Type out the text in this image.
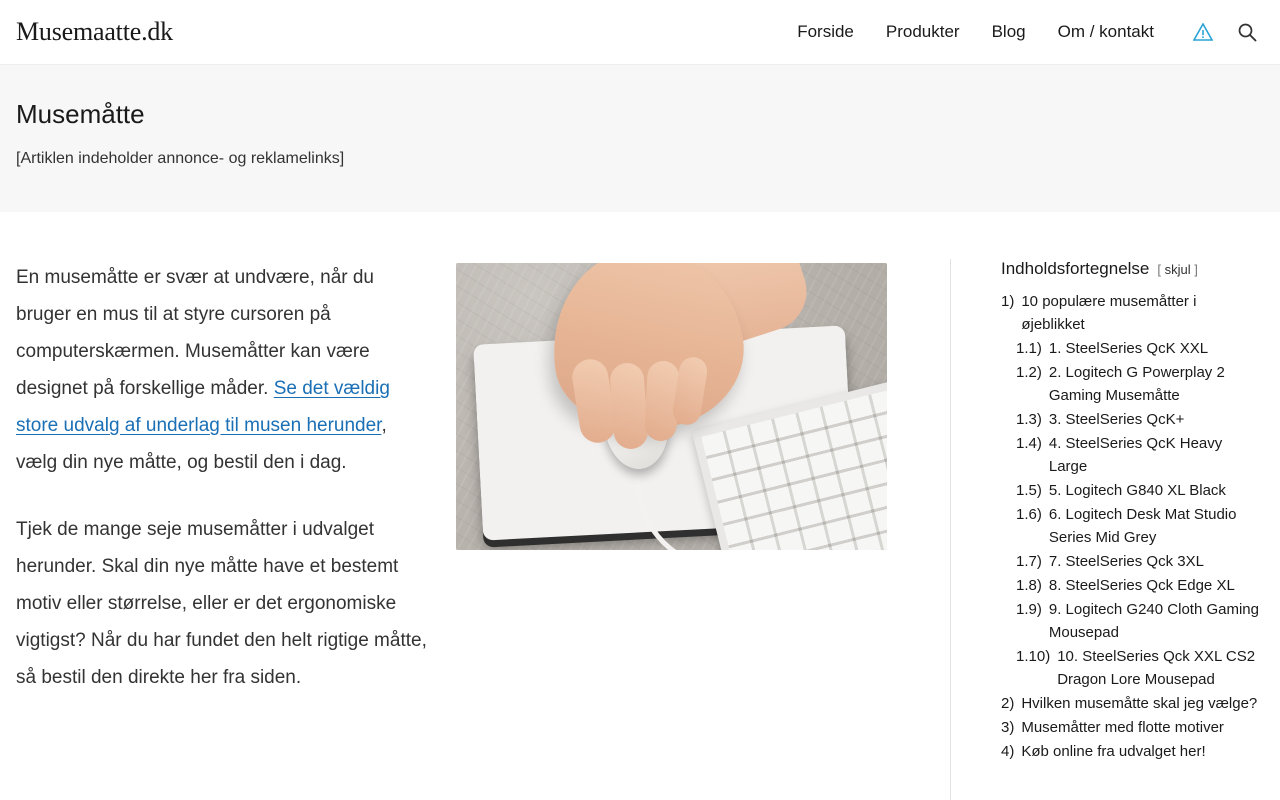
Musemaatte.dk	Forside	Produkter	Blog	Om / kontakt
Musemåtte
[Artiklen indeholder annonce- og reklamelinks]

En musemåtte er svær at undvære, når du bruger en mus til at styre cursoren på computerskærmen. Musemåtter kan være designet på forskellige måder. Se det vældig store udvalg af underlag til musen herunder, vælg din nye måtte, og bestil den i dag.

Tjek de mange seje musemåtter i udvalget herunder. Skal din nye måtte have et bestemt motiv eller størrelse, eller er det ergonomiske vigtigst? Når du har fundet den helt rigtige måtte, så bestil den direkte her fra siden.

Indholdsfortegnelse [ skjul ]
1) 10 populære musemåtter i øjeblikket
1.1) 1. SteelSeries QcK XXL
1.2) 2. Logitech G Powerplay 2 Gaming Musemåtte
1.3) 3. SteelSeries QcK+
1.4) 4. SteelSeries QcK Heavy Large
1.5) 5. Logitech G840 XL Black
1.6) 6. Logitech Desk Mat Studio Series Mid Grey
1.7) 7. SteelSeries Qck 3XL
1.8) 8. SteelSeries Qck Edge XL
1.9) 9. Logitech G240 Cloth Gaming Mousepad
1.10) 10. SteelSeries Qck XXL CS2 Dragon Lore Mousepad
2) Hvilken musemåtte skal jeg vælge?
3) Musemåtter med flotte motiver
4) Køb online fra udvalget her!
